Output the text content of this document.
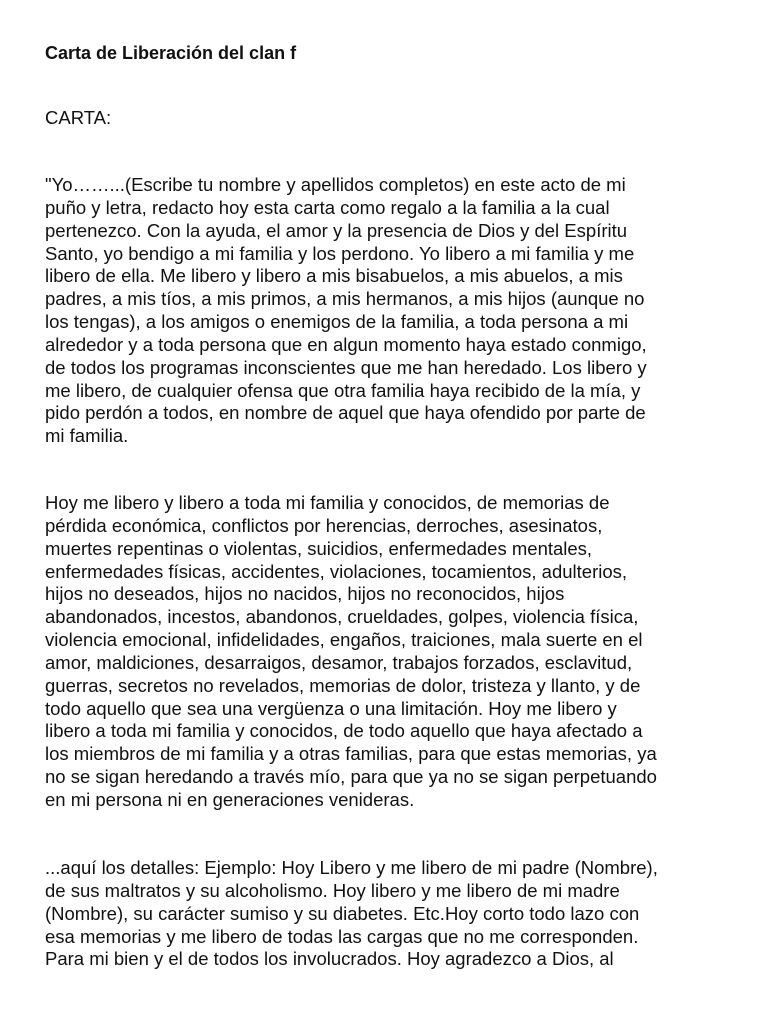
Carta de Liberación del clan f
CARTA:
"Yo……...(Escribe tu nombre y apellidos completos) en este acto de mi
puño y letra, redacto hoy esta carta como regalo a la familia a la cual
pertenezco. Con la ayuda, el amor y la presencia de Dios y del Espíritu
Santo, yo bendigo a mi familia y los perdono. Yo libero a mi familia y me
libero de ella. Me libero y libero a mis bisabuelos, a mis abuelos, a mis
padres, a mis tíos, a mis primos, a mis hermanos, a mis hijos (aunque no
los tengas), a los amigos o enemigos de la familia, a toda persona a mi
alrededor y a toda persona que en algun momento haya estado conmigo,
de todos los programas inconscientes que me han heredado. Los libero y
me libero, de cualquier ofensa que otra familia haya recibido de la mía, y
pido perdón a todos, en nombre de aquel que haya ofendido por parte de
mi familia.
Hoy me libero y libero a toda mi familia y conocidos, de memorias de
pérdida económica, conflictos por herencias, derroches, asesinatos,
muertes repentinas o violentas, suicidios, enfermedades mentales,
enfermedades físicas, accidentes, violaciones, tocamientos, adulterios,
hijos no deseados, hijos no nacidos, hijos no reconocidos, hijos
abandonados, incestos, abandonos, crueldades, golpes, violencia física,
violencia emocional, infidelidades, engaños, traiciones, mala suerte en el
amor, maldiciones, desarraigos, desamor, trabajos forzados, esclavitud,
guerras, secretos no revelados, memorias de dolor, tristeza y llanto, y de
todo aquello que sea una vergüenza o una limitación. Hoy me libero y
libero a toda mi familia y conocidos, de todo aquello que haya afectado a
los miembros de mi familia y a otras familias, para que estas memorias, ya
no se sigan heredando a través mío, para que ya no se sigan perpetuando
en mi persona ni en generaciones venideras.
...aquí los detalles: Ejemplo: Hoy Libero y me libero de mi padre (Nombre),
de sus maltratos y su alcoholismo. Hoy libero y me libero de mi madre
(Nombre), su carácter sumiso y su diabetes. Etc.Hoy corto todo lazo con
esa memorias y me libero de todas las cargas que no me corresponden.
Para mi bien y el de todos los involucrados. Hoy agradezco a Dios, al
